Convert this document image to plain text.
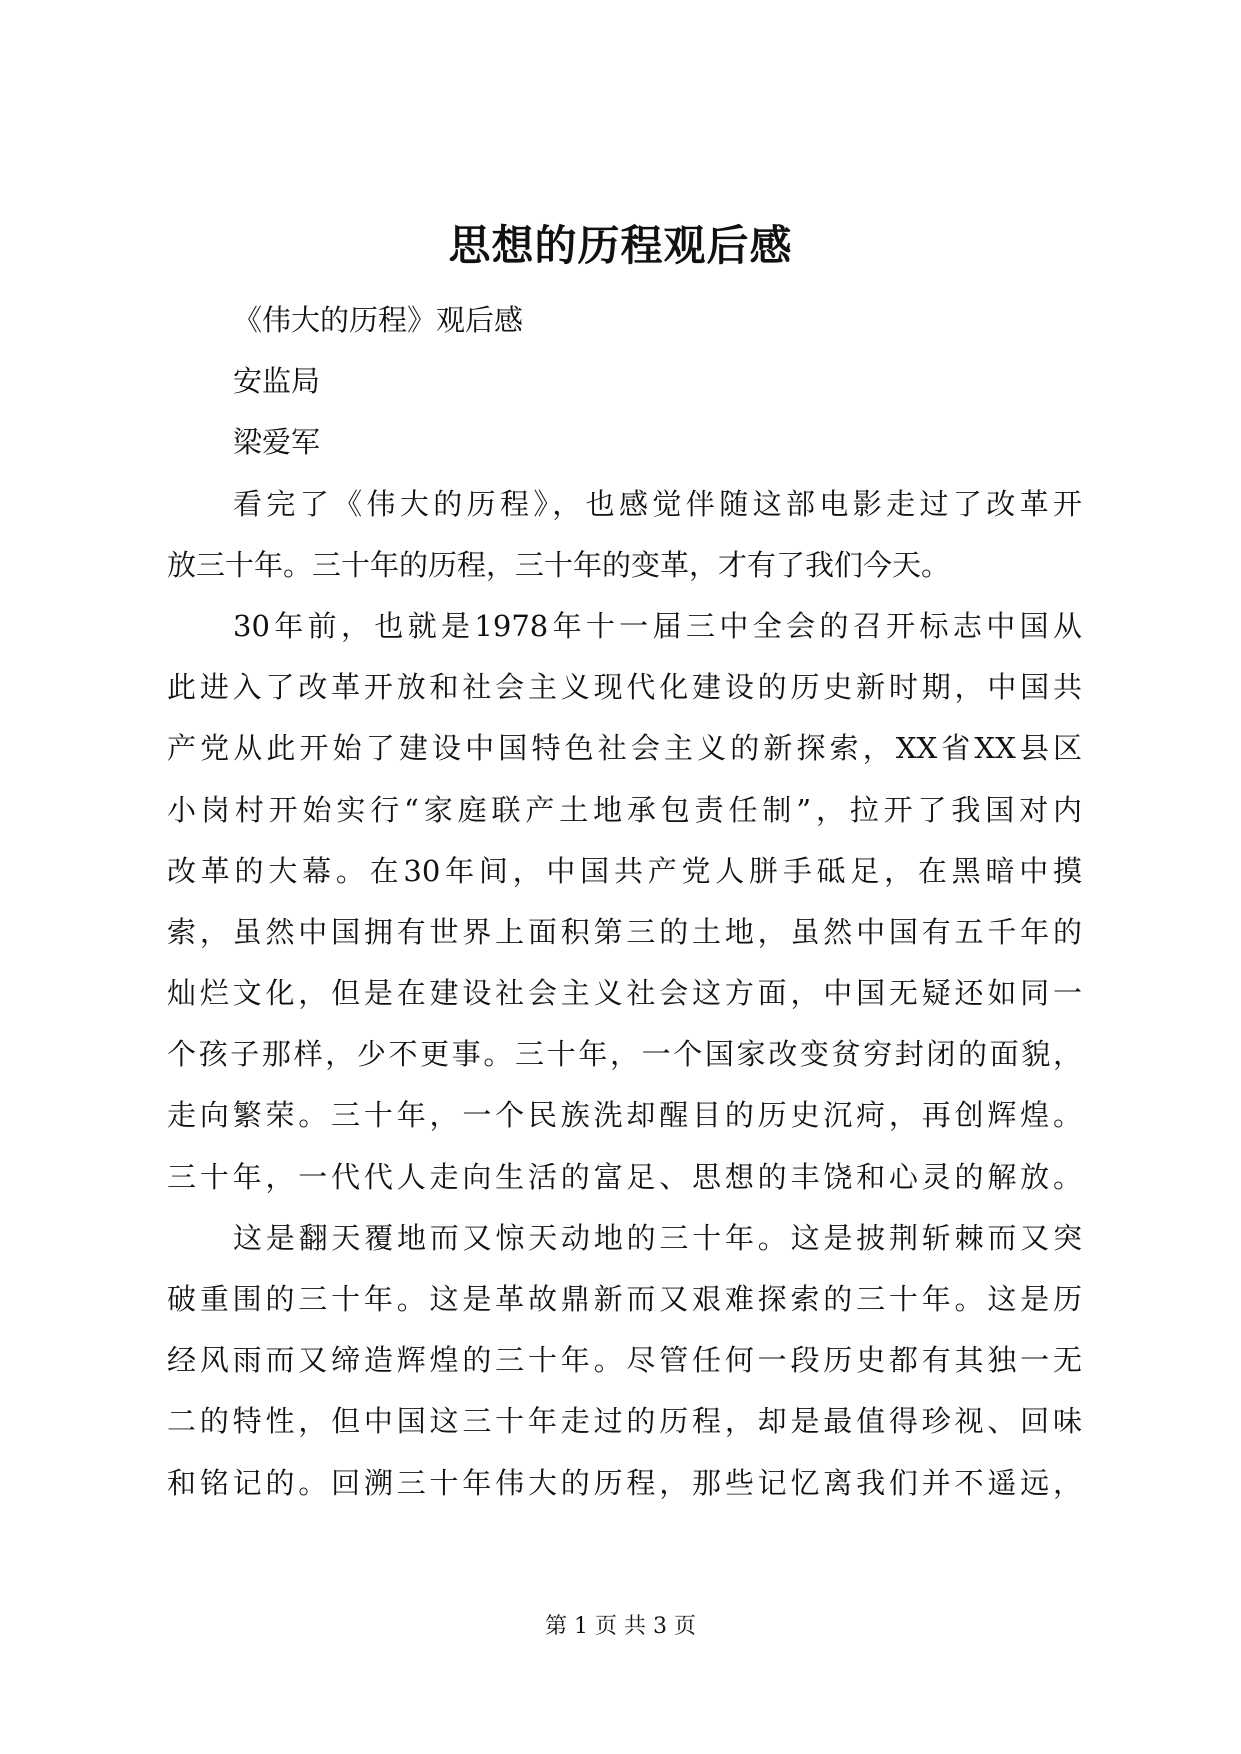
思想的历程观后感
《伟大的历程》观后感
安监局
梁爱军
看完了《伟大的历程》，也感觉伴随这部电影走过了改革开
放三十年。三十年的历程，三十年的变革，才有了我们今天。
30年前，也就是1978年十一届三中全会的召开标志中国从
此进入了改革开放和社会主义现代化建设的历史新时期，中国共
产党从此开始了建设中国特色社会主义的新探索，XX省XX县区
小岗村开始实行“家庭联产土地承包责任制”，拉开了我国对内
改革的大幕。在30年间，中国共产党人胼手砥足，在黑暗中摸
索，虽然中国拥有世界上面积第三的土地，虽然中国有五千年的
灿烂文化，但是在建设社会主义社会这方面，中国无疑还如同一
个孩子那样，少不更事。三十年，一个国家改变贫穷封闭的面貌，
走向繁荣。三十年，一个民族洗却醒目的历史沉疴，再创辉煌。
三十年，一代代人走向生活的富足、思想的丰饶和心灵的解放。
这是翻天覆地而又惊天动地的三十年。这是披荆斩棘而又突
破重围的三十年。这是革故鼎新而又艰难探索的三十年。这是历
经风雨而又缔造辉煌的三十年。尽管任何一段历史都有其独一无
二的特性，但中国这三十年走过的历程，却是最值得珍视、回味
和铭记的。回溯三十年伟大的历程，那些记忆离我们并不遥远，
第 1 页 共 3 页
